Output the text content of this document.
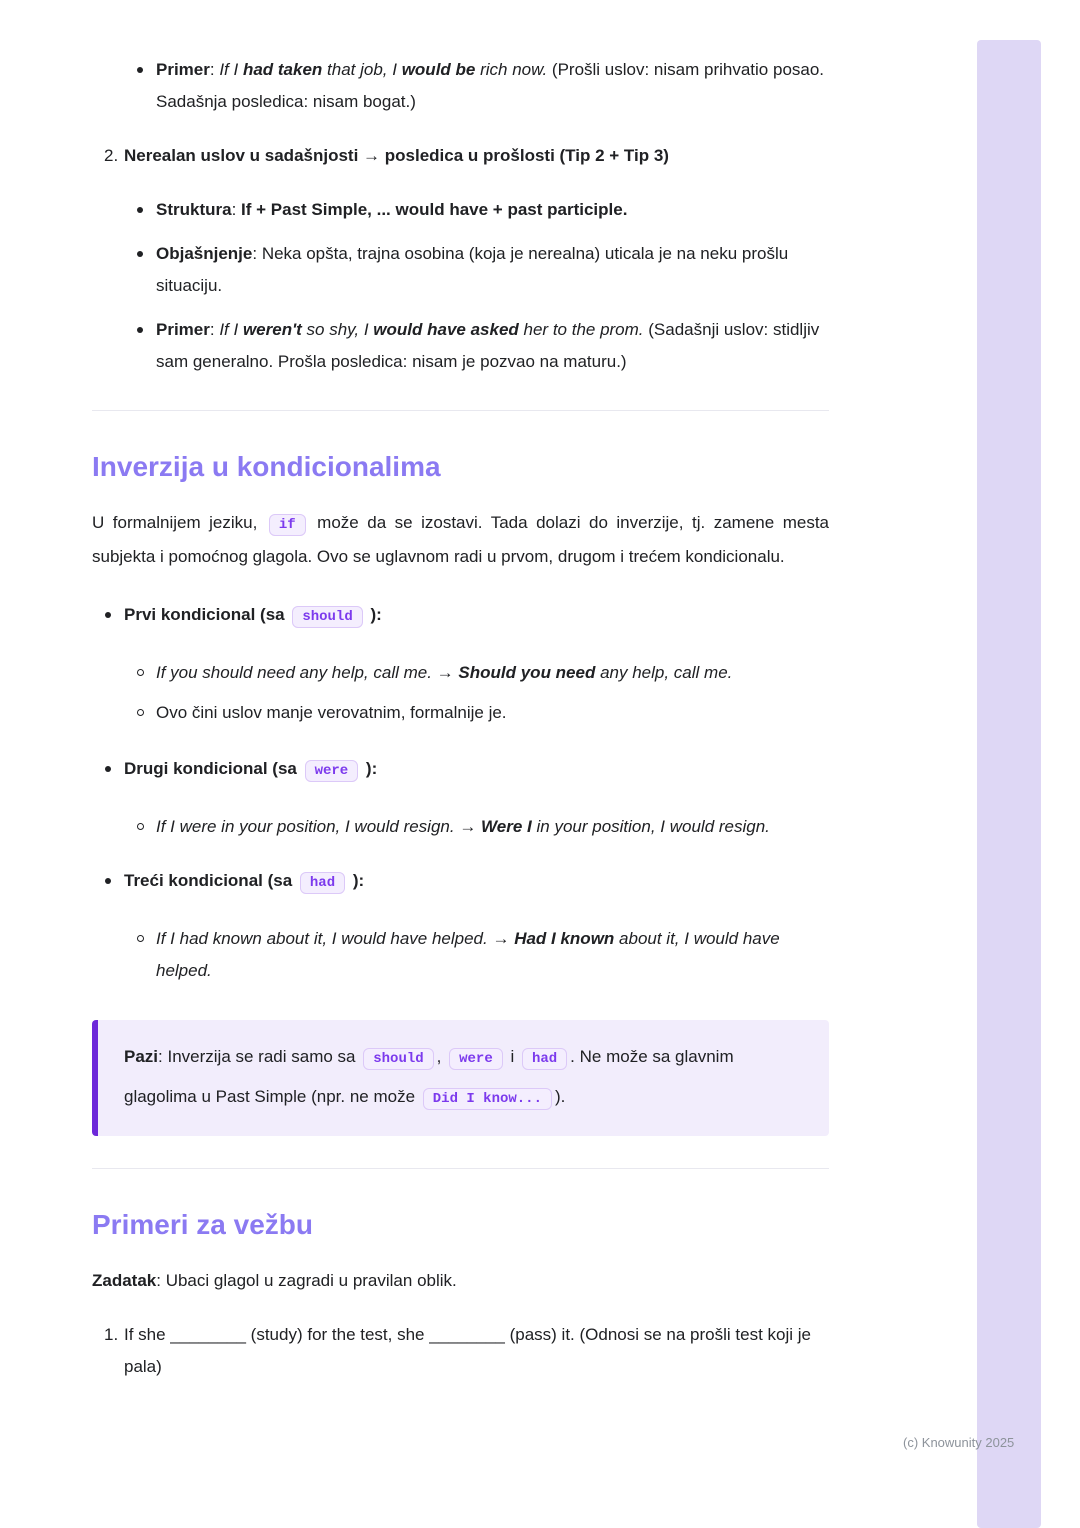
Primer: If I had taken that job, I would be rich now. (Prošli uslov: nisam prihvatio posao. Sadašnja posledica: nisam bogat.)
2. Nerealan uslov u sadašnjosti → posledica u prošlosti (Tip 2 + Tip 3)
Struktura: If + Past Simple, ... would have + past participle.
Objašnjenje: Neka opšta, trajna osobina (koja je nerealna) uticala je na neku prošlu situaciju.
Primer: If I weren't so shy, I would have asked her to the prom. (Sadašnji uslov: stidljiv sam generalno. Prošla posledica: nisam je pozvao na maturu.)
Inverzija u kondicionalima

U formalnijem jeziku, if može da se izostavi. Tada dolazi do inverzije, tj. zamene mesta subjekta i pomoćnog glagola. Ovo se uglavnom radi u prvom, drugom i trećem kondicionalu.

Prvi kondicional (sa should ):
If you should need any help, call me. → Should you need any help, call me.
Ovo čini uslov manje verovatnim, formalnije je.
Drugi kondicional (sa were ):
If I were in your position, I would resign. → Were I in your position, I would resign.
Treći kondicional (sa had ):
If I had known about it, I would have helped. → Had I known about it, I would have helped.
Pazi: Inverzija se radi samo sa should , were i had . Ne može sa glavnim glagolima u Past Simple (npr. ne može Did I know... ).
Primeri za vežbu

Zadatak: Ubaci glagol u zagradi u pravilan oblik.

1. If she ________ (study) for the test, she ________ (pass) it. (Odnosi se na prošli test koji je pala)
(c) Knowunity 2025
